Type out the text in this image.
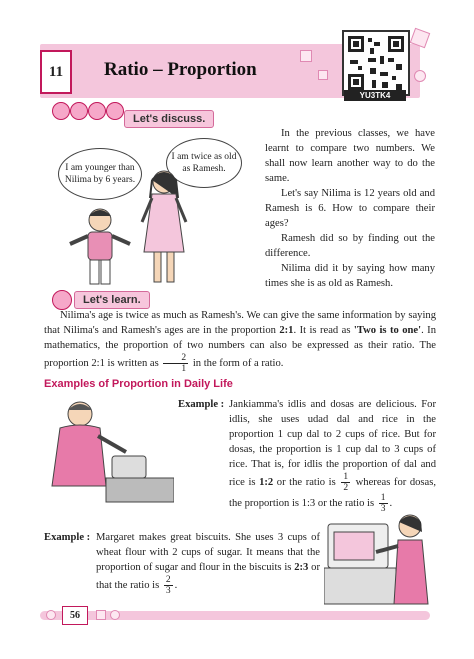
11	Ratio – Proportion
YU3TK4
Let's discuss.
I am younger than Nilima by 6 years.
I am twice as old as Ramesh.
Let's learn.
In the previous classes, we have learnt to compare two numbers. We shall now learn another way to do the same.
Let's say Nilima is 12 years old and Ramesh is 6. How to compare their ages?
Ramesh did so by finding out the difference.
Nilima did it by saying how many times she is as old as Ramesh.
Nilima's age is twice as much as Ramesh's. We can give the same information by saying that Nilima's and Ramesh's ages are in the proportion 2:1. It is read as 'Two is to one'. In mathematics, the proportion of two numbers can also be expressed as their ratio. The proportion 2:1 is written as $\frac{2}{1}$ in the form of a ratio.
Examples of Proportion in Daily Life
Example : Jankiamma's idlis and dosas are delicious. For idlis, she uses udad dal and rice in the proportion 1 cup dal to 2 cups of rice. But for dosas, the proportion is 1 cup dal to 3 cups of rice. That is, for idlis the proportion of dal and rice is 1:2 or the ratio is $\frac{1}{2}$ whereas for dosas, the proportion is 1:3 or the ratio is $\frac{1}{3}$ .
Example : Margaret makes great biscuits. She uses 3 cups of wheat flour with 2 cups of sugar. It means that the proportion of sugar and flour in the biscuits is 2:3 or that the ratio is $\frac{2}{3}$ .
56
